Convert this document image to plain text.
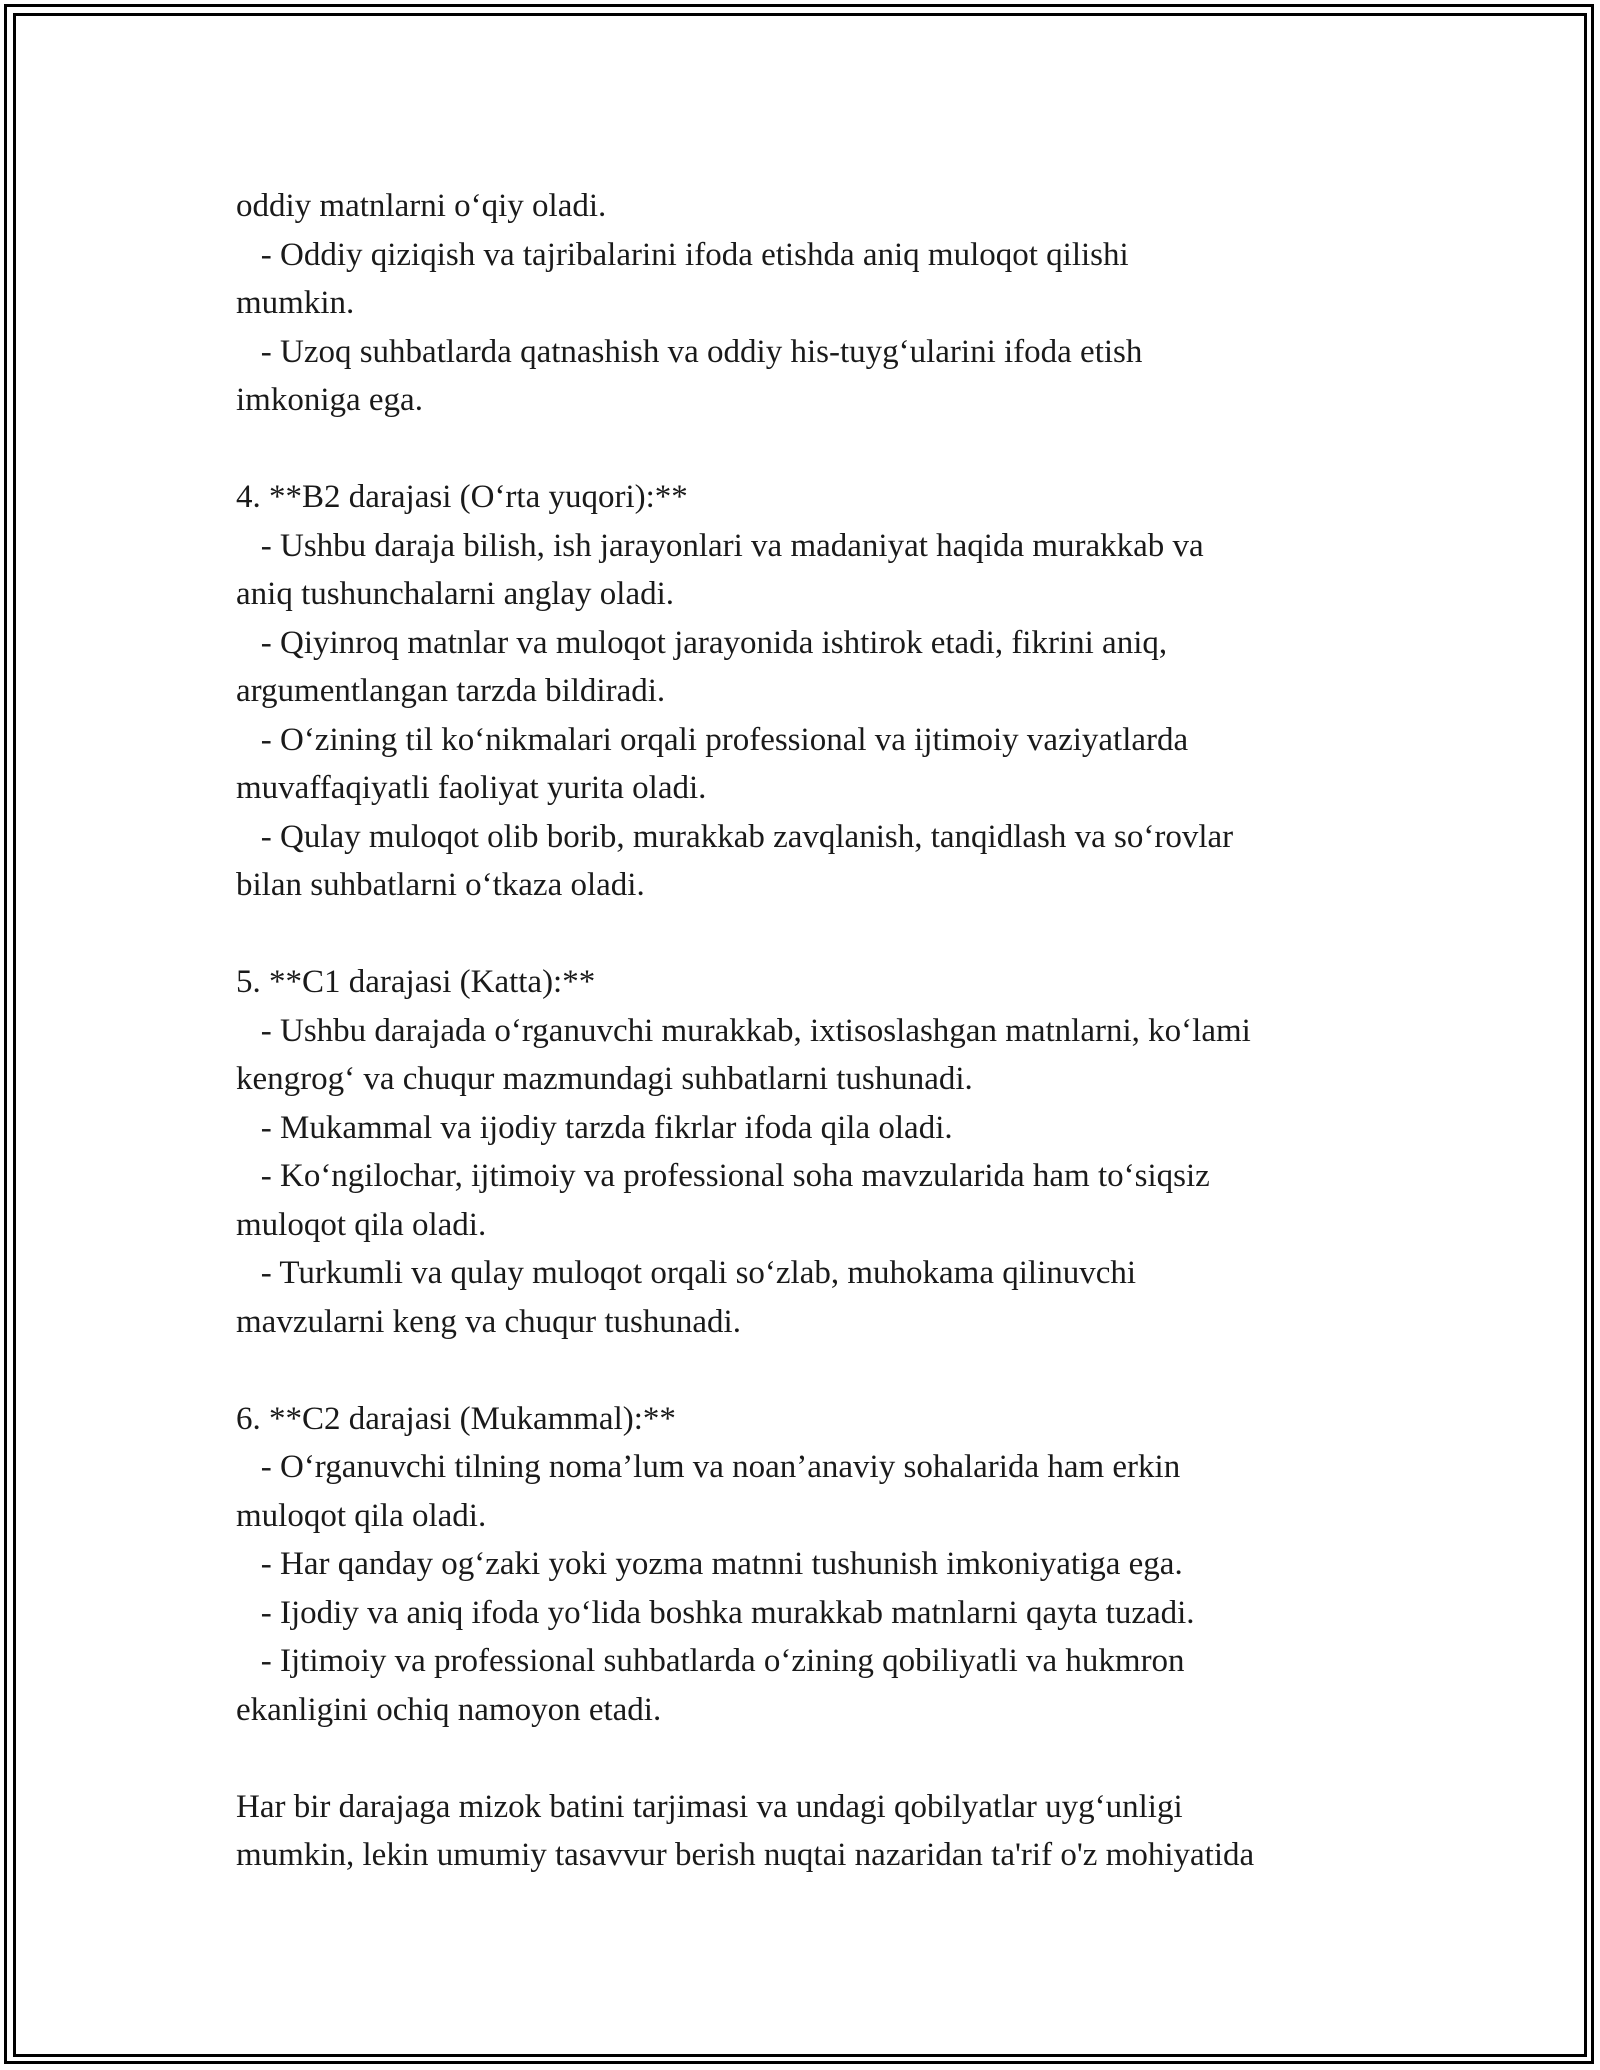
oddiy matnlarni o‘qiy oladi.
- Oddiy qiziqish va tajribalarini ifoda etishda aniq muloqot qilishi
mumkin.
- Uzoq suhbatlarda qatnashish va oddiy his-tuyg‘ularini ifoda etish
imkoniga ega.
4. **B2 darajasi (O‘rta yuqori):**
- Ushbu daraja bilish, ish jarayonlari va madaniyat haqida murakkab va
aniq tushunchalarni anglay oladi.
- Qiyinroq matnlar va muloqot jarayonida ishtirok etadi, fikrini aniq,
argumentlangan tarzda bildiradi.
- O‘zining til ko‘nikmalari orqali professional va ijtimoiy vaziyatlarda
muvaffaqiyatli faoliyat yurita oladi.
- Qulay muloqot olib borib, murakkab zavqlanish, tanqidlash va so‘rovlar
bilan suhbatlarni o‘tkaza oladi.
5. **C1 darajasi (Katta):**
- Ushbu darajada o‘rganuvchi murakkab, ixtisoslashgan matnlarni, ko‘lami
kengrog‘ va chuqur mazmundagi suhbatlarni tushunadi.
- Mukammal va ijodiy tarzda fikrlar ifoda qila oladi.
- Ko‘ngilochar, ijtimoiy va professional soha mavzularida ham to‘siqsiz
muloqot qila oladi.
- Turkumli va qulay muloqot orqali so‘zlab, muhokama qilinuvchi
mavzularni keng va chuqur tushunadi.
6. **C2 darajasi (Mukammal):**
- O‘rganuvchi tilning noma’lum va noan’anaviy sohalarida ham erkin
muloqot qila oladi.
- Har qanday og‘zaki yoki yozma matnni tushunish imkoniyatiga ega.
- Ijodiy va aniq ifoda yo‘lida boshka murakkab matnlarni qayta tuzadi.
- Ijtimoiy va professional suhbatlarda o‘zining qobiliyatli va hukmron
ekanligini ochiq namoyon etadi.
Har bir darajaga mizok batini tarjimasi va undagi qobilyatlar uyg‘unligi
mumkin, lekin umumiy tasavvur berish nuqtai nazaridan ta'rif o'z mohiyatida
